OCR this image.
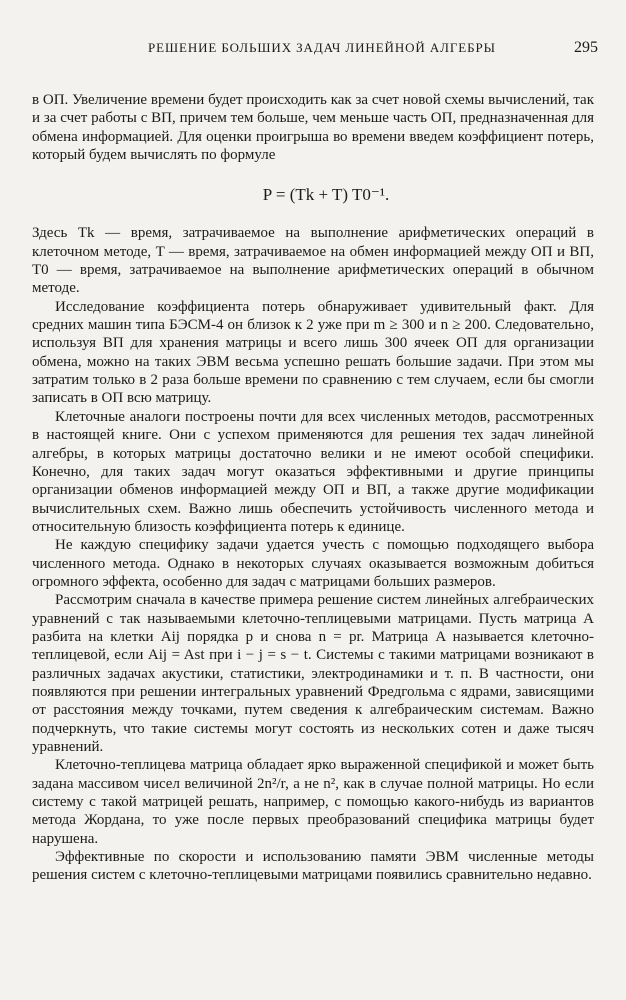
РЕШЕНИЕ БОЛЬШИХ ЗАДАЧ ЛИНЕЙНОЙ АЛГЕБРЫ	295

в ОП. Увеличение времени будет происходить как за счет новой схемы вычислений, так и за счет работы с ВП, причем тем больше, чем меньше часть ОП, предназначенная для обмена информацией. Для оценки проигрыша во времени введем коэффициент потерь, который будем вычислять по формуле

P = (Tk + T) T0⁻¹.

Здесь Tk — время, затрачиваемое на выполнение арифметических операций в клеточном методе, T — время, затрачиваемое на обмен информацией между ОП и ВП, T0 — время, затрачиваемое на выполнение арифметических операций в обычном методе.

Исследование коэффициента потерь обнаруживает удивительный факт. Для средних машин типа БЭСМ-4 он близок к 2 уже при m ≥ 300 и n ≥ 200. Следовательно, используя ВП для хранения матрицы и всего лишь 300 ячеек ОП для организации обмена, можно на таких ЭВМ весьма успешно решать большие задачи. При этом мы затратим только в 2 раза больше времени по сравнению с тем случаем, если бы смогли записать в ОП всю матрицу.

Клеточные аналоги построены почти для всех численных методов, рассмотренных в настоящей книге. Они с успехом применяются для решения тех задач линейной алгебры, в которых матрицы достаточно велики и не имеют особой специфики. Конечно, для таких задач могут оказаться эффективными и другие принципы организации обменов информацией между ОП и ВП, а также другие модификации вычислительных схем. Важно лишь обеспечить устойчивость численного метода и относительную близость коэффициента потерь к единице.

Не каждую специфику задачи удается учесть с помощью подходящего выбора численного метода. Однако в некоторых случаях оказывается возможным добиться огромного эффекта, особенно для задач с матрицами больших размеров.

Рассмотрим сначала в качестве примера решение систем линейных алгебраических уравнений с так называемыми клеточно-теплицевыми матрицами. Пусть матрица A разбита на клетки Aij порядка p и снова n = pr. Матрица A называется клеточно-теплицевой, если Aij = Ast при i − j = s − t. Системы с такими матрицами возникают в различных задачах акустики, статистики, электродинамики и т. п. В частности, они появляются при решении интегральных уравнений Фредгольма с ядрами, зависящими от расстояния между точками, путем сведения к алгебраическим системам. Важно подчеркнуть, что такие системы могут состоять из нескольких сотен и даже тысяч уравнений.

Клеточно-теплицева матрица обладает ярко выраженной спецификой и может быть задана массивом чисел величиной 2n²/r, а не n², как в случае полной матрицы. Но если систему с такой матрицей решать, например, с помощью какого-нибудь из вариантов метода Жордана, то уже после первых преобразований специфика матрицы будет нарушена.

Эффективные по скорости и использованию памяти ЭВМ численные методы решения систем с клеточно-теплицевыми матрицами появились сравнительно недавно.
